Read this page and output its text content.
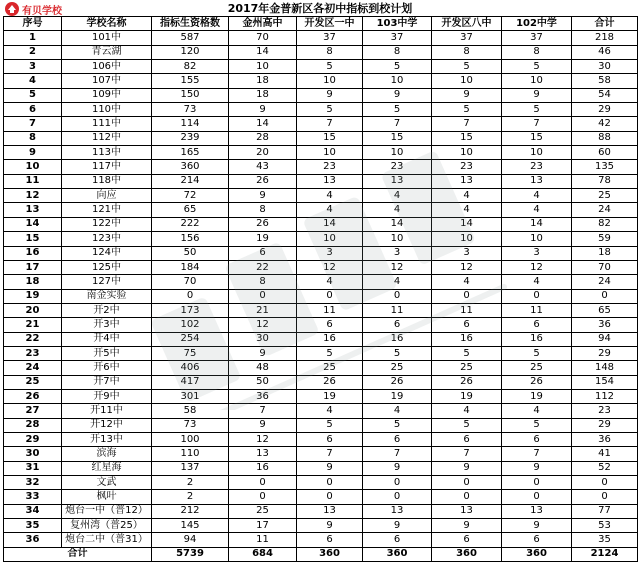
有贝学校	2017年金普新区各初中指标到校计划
序号	学校名称	指标生资格数	金州高中	开发区一中	103中学	开发区八中	102中学	合计
1	101中	587	70	37	37	37	37	218
2	青云湖	120	14	8	8	8	8	46
3	106中	82	10	5	5	5	5	30
4	107中	155	18	10	10	10	10	58
5	109中	150	18	9	9	9	9	54
6	110中	73	9	5	5	5	5	29
7	111中	114	14	7	7	7	7	42
8	112中	239	28	15	15	15	15	88
9	113中	165	20	10	10	10	10	60
10	117中	360	43	23	23	23	23	135
11	118中	214	26	13	13	13	13	78
12	向应	72	9	4	4	4	4	25
13	121中	65	8	4	4	4	4	24
14	122中	222	26	14	14	14	14	82
15	123中	156	19	10	10	10	10	59
16	124中	50	6	3	3	3	3	18
17	125中	184	22	12	12	12	12	70
18	127中	70	8	4	4	4	4	24
19	南金实验	0	0	0	0	0	0	0
20	开2中	173	21	11	11	11	11	65
21	开3中	102	12	6	6	6	6	36
22	开4中	254	30	16	16	16	16	94
23	开5中	75	9	5	5	5	5	29
24	开6中	406	48	25	25	25	25	148
25	开7中	417	50	26	26	26	26	154
26	开9中	301	36	19	19	19	19	112
27	开11中	58	7	4	4	4	4	23
28	开12中	73	9	5	5	5	5	29
29	开13中	100	12	6	6	6	6	36
30	滨海	110	13	7	7	7	7	41
31	红星海	137	16	9	9	9	9	52
32	文武	2	0	0	0	0	0	0
33	枫叶	2	0	0	0	0	0	0
34	炮台一中（普12）	212	25	13	13	13	13	77
35	复州湾（普25）	145	17	9	9	9	9	53
36	炮台二中（普31）	94	11	6	6	6	6	35
合计		5739	684	360	360	360	360	2124
